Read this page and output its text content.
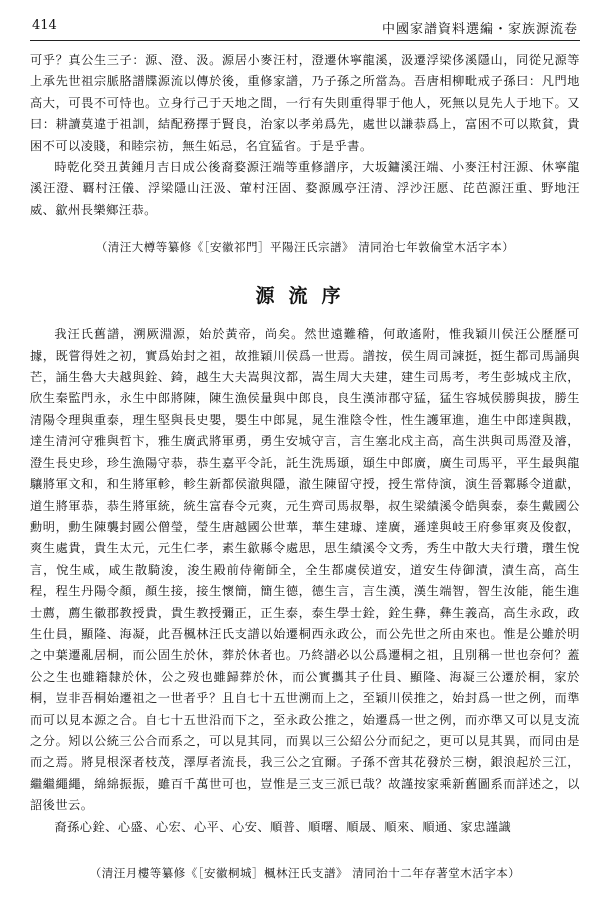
414	中國家譜資料選編・家族源流卷

可乎？真公生三子：源、澄、汲。源居小麥汪村，澄遷休寧龍溪，汲遷浮梁侈溪隱山，同從兄源等上承先世祖宗脈胳譜牒源流以傳於後，重修家譜，乃子孫之所當為。吾唐相柳毗戒子孫曰：凡門地高大，可畏不可恃也。立身行己于天地之間，一行有失則重得罪于他人，死無以見先人于地下。又曰：耕讀莫違于祖訓，結配務擇于賢良，治家以孝弟爲先，處世以謙恭爲上，富困不可以欺貧，貴困不可以凌賤，和睦宗祊，無生妬忌，名宜猛省。于是乎書。

時乾化癸丑黃鍾月吉日成公後裔婺源汪端等重修譜序，大坂鏞溪汪端、小麥汪村汪源、休寧龍溪汪澄、覉村汪儀、浮梁隱山汪汲、葷村汪固、婺源鳳亭汪清、浮沙汪愿、芘芭源汪重、野地汪威、歙州長樂鄉汪恭。

（清汪大樽等纂修《［安徽祁門］平陽汪氏宗譜》 清同治七年敦倫堂木活字本）

源流序

我汪氏舊譜，溯厥淵源，始於黃帝，尚矣。然世遠難稽，何敢遙附，惟我穎川侯汪公歷歷可據，既嘗得姓之初，實爲始封之祖，故推穎川侯爲一世焉。譜按，侯生周司諫挺，挺生都司馬誦與芒，誦生魯大夫越與銓、錡，越生大夫嵩與汶都，嵩生周大夫建，建生司馬考，考生彭城戍主欣，欣生秦監門永，永生中郎將陳，陳生漁侯量與中郎良，良生漢沛郡守猛，猛生容城侯勝與拔，勝生清陽令理與重泰，理生堅與長史嬰，嬰生中郎晁，晁生淮陰令性，性生護軍進，進生中郎達與戡，達生清河守雅與哲卞，雅生廣武將軍勇，勇生安城守言，言生塞北戍主高，高生洪與司馬澄及濬，澄生長史珍，珍生漁陽守恭，恭生嘉平令託，託生洗馬頲，頲生中郎廣，廣生司馬平，平生最與龍驤將軍文和，和生將軍軫，軫生新都侯澈與隱，澈生陳留守授，授生常侍演，演生晉鄴縣令道獻，道生將軍恭，恭生將軍統，統生富春令元爽，元生齊司馬叔舉，叔生梁績溪令皓與泰，泰生戴國公勳明，勳生陳襲封國公僧瑩，瑩生唐越國公世華，華生建璩、達廣，遜達與岐王府參軍爽及俊叡，爽生處貴，貴生太元，元生仁孝，素生歙縣令處思，思生績溪令文秀，秀生中散大夫行瓚，瓚生悅言，悅生咸，咸生散騎浚，浚生殿前侍衛師全，全生都虞侯道安，道安生侍御漬，漬生高，高生程，程生丹陽令顏，顏生接，接生懷簡，簡生德，德生言，言生漢，漢生端智，智生汝能，能生進士薦，薦生徽郡教授貴，貴生教授彌正，正生泰，泰生學士銓，銓生彝，彝生義高，高生永政，政生仕員，顯隆、海凝，此吾楓林汪氏支譜以始遷桐西永政公，而公先世之所由來也。惟是公雖於明之中葉遷亂居桐，而公固生於休，葬於休者也。乃終譜必以公爲遷桐之祖，且別稱一世也奈何？蓋公之生也雖籍隸於休，公之歿也雖歸葬於休，而公實攜其子仕員、顯隆、海凝三公遷於桐，家於桐，豈非吾桐始遷祖之一世者乎？且自七十五世溯而上之，至穎川侯推之，始封爲一世之例，而準而可以見本源之合。自七十五世沿而下之，至永政公推之，始遷爲一世之例，而亦準又可以見支流之分。矧以公統三公合而系之，可以見其同，而異以三公紹公分而紀之，更可以見其異，而同由是而之焉。將見根深者枝茂，澤厚者流長，我三公之宜爾。子孫不啻其花發於三樹，銀浪起於三江，繼繼繩繩，綿綿振振，雖百千萬世可也，豈惟是三支三派已哉？故謹按家乘新舊圖系而詳述之，以詔後世云。

裔孫心銓、心盛、心宏、心平、心安、順普、順曙、順晟、順來、順通、家忠謹識

（清汪月樓等纂修《［安徽桐城］楓林汪氏支譜》 清同治十二年存著堂木活字本）
